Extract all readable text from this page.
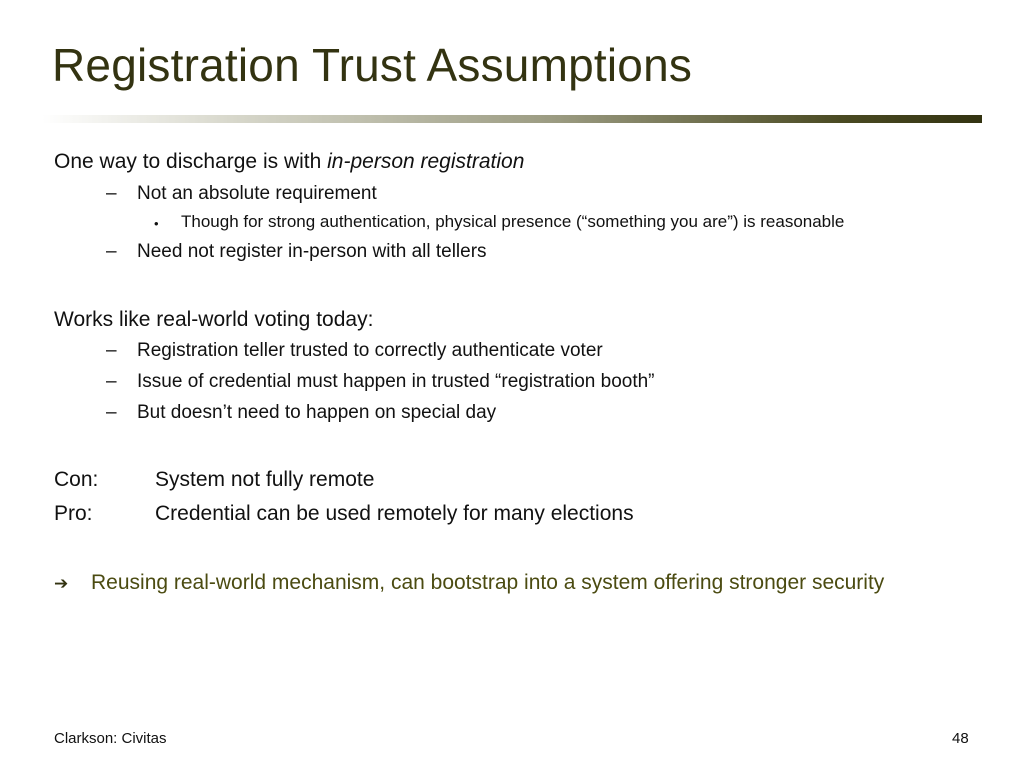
Registration Trust Assumptions
One way to discharge is with in-person registration
– Not an absolute requirement
• Though for strong authentication, physical presence (“something you are”) is reasonable
– Need not register in-person with all tellers
Works like real-world voting today:
– Registration teller trusted to correctly authenticate voter
– Issue of credential must happen in trusted “registration booth”
– But doesn’t need to happen on special day
Con:	System not fully remote
Pro:	Credential can be used remotely for many elections
➔ Reusing real-world mechanism, can bootstrap into a system offering stronger security
Clarkson: Civitas	48
